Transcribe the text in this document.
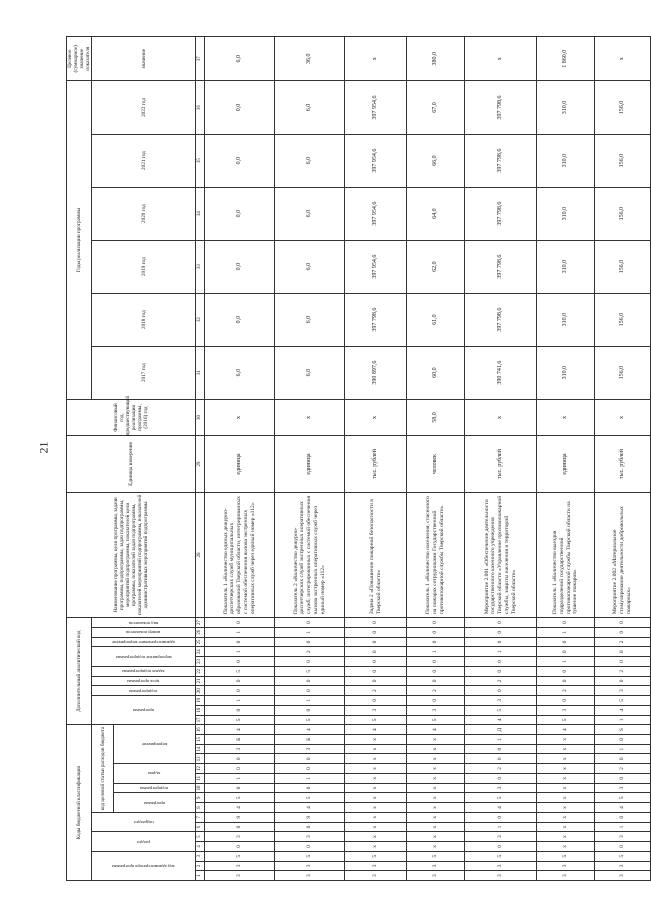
21
Коды бюджетной классификации																Дополнительный аналитический код											Наименование программы, цели программы, задачи программы, подпрограммы, задач подпрограммы, мероприятий подпрограммы, показателей цели программы, показателей задач подпрограммы, показателей мероприятий подпрограммы, показателей административных мероприятий подпрограммы	Единица измерения	Финансовый год, предшествующий реализации программы, (2016) год	Годы реализации программы						Целевое (суммарное) значение показателя

код администратора программы			раздел		подраздел		код целевой статьи расходов бюджета									программа			подпрограмма	цель программы	задача подпрограммы	мероприятие подпрограммы		административное мероприятие	номер показателя	вид показателя				2017 год	2018 год	2019 год	2020 год	2021 год	2022 год	значение

							программа		подпрограмма	задача		мероприятие																								

1	2	3	4	5	6	7	8	9	10	11	12	13	14	15	16	17	18	19	20	21	22	23	24	25	26	27	28	29	30	31	32	33	34	35	36	37
3	3	5	0	3	0	9	4	5	0	1	0	0	3	Б	4	5	0	1	0	0	5	0	1	0	1	0	Показатель 1 «Количество единых дежурно-диспетчерских служб муниципальных образований Тверской области, интегрированных с системой обеспечения вызова экстренных оперативных служб через единый номер «112»	единица	х	6,0	0,0	0,0	0,0	0,0	0,0	6,0
3	3	5	0	3	0	9	4	5	0	1	0	0	3	Б	4	5	0	1	0	0	5	0	2	0	1	0	Показатель 2 «Количество дежурно-диспетчерских служб экстренных оперативных служб, интегрированных с системой обеспечения вызова экстренных оперативных служб через единый номер «112»	единица	х	6,0	6,0	6,0	6,0	6,0	6,0	36,0
3	3	5	х	х	х	х	х	х	х	х	х	х	х	х	4	5	3	0	2	0	0	0	0	0	0	0	Задача 2 «Повышение пожарной безопасности в Тверской области»	тыс. рублей	х	390 897,6	397 798,6	397 954,6	397 954,6	397 954,6	397 954,6	х
3	3	5	х	х	х	х	х	х	х	х	х	х	х	х	4	5	3	0	2	0	0	0	1	0	0	0	Показатель 1 «Количество населения, спасенного на пожарах сотрудниками Государственной противопожарной службы Тверской области»	человек	58,0	60,0	61,0	62,0	64,0	66,0	67,0	380,0
3	3	5	0	3	1	0	4	5	3	0	2	0	0	1	Д	4	5	3	0	2	0	0	1	0	0	0	Мероприятие 2.001 «Обеспечение деятельности государственного казенного учреждения Тверской области «Управление противопожарной службы, защиты населения и территорий Тверской области»	тыс. рублей	х	390 741,6	397 798,6	397 798,6	397 798,6	397 798,6	397 798,6	х
3	3	5	х	х	х	х	х	х	х	х	х	х	х	х	4	5	3	0	2	0	0	1	0	0	1	0	Показатель 1 «Количество выездов подразделений государственной противопожарной службы Тверской области на тушение пожаров»	единица	х	310,0	310,0	310,0	310,0	310,0	310,0	1 860,0
3	3	5	0	3	1	0	4	5	3	0	2	0	1	0	S	1	4	5	3	0	2	0	0	2	0	0	Мероприятие 2.002 «Материальное стимулирование деятельности добровольных пожарных»	тыс. рублей	х	156,0	156,0	156,0	156,0	156,0	156,0	х
